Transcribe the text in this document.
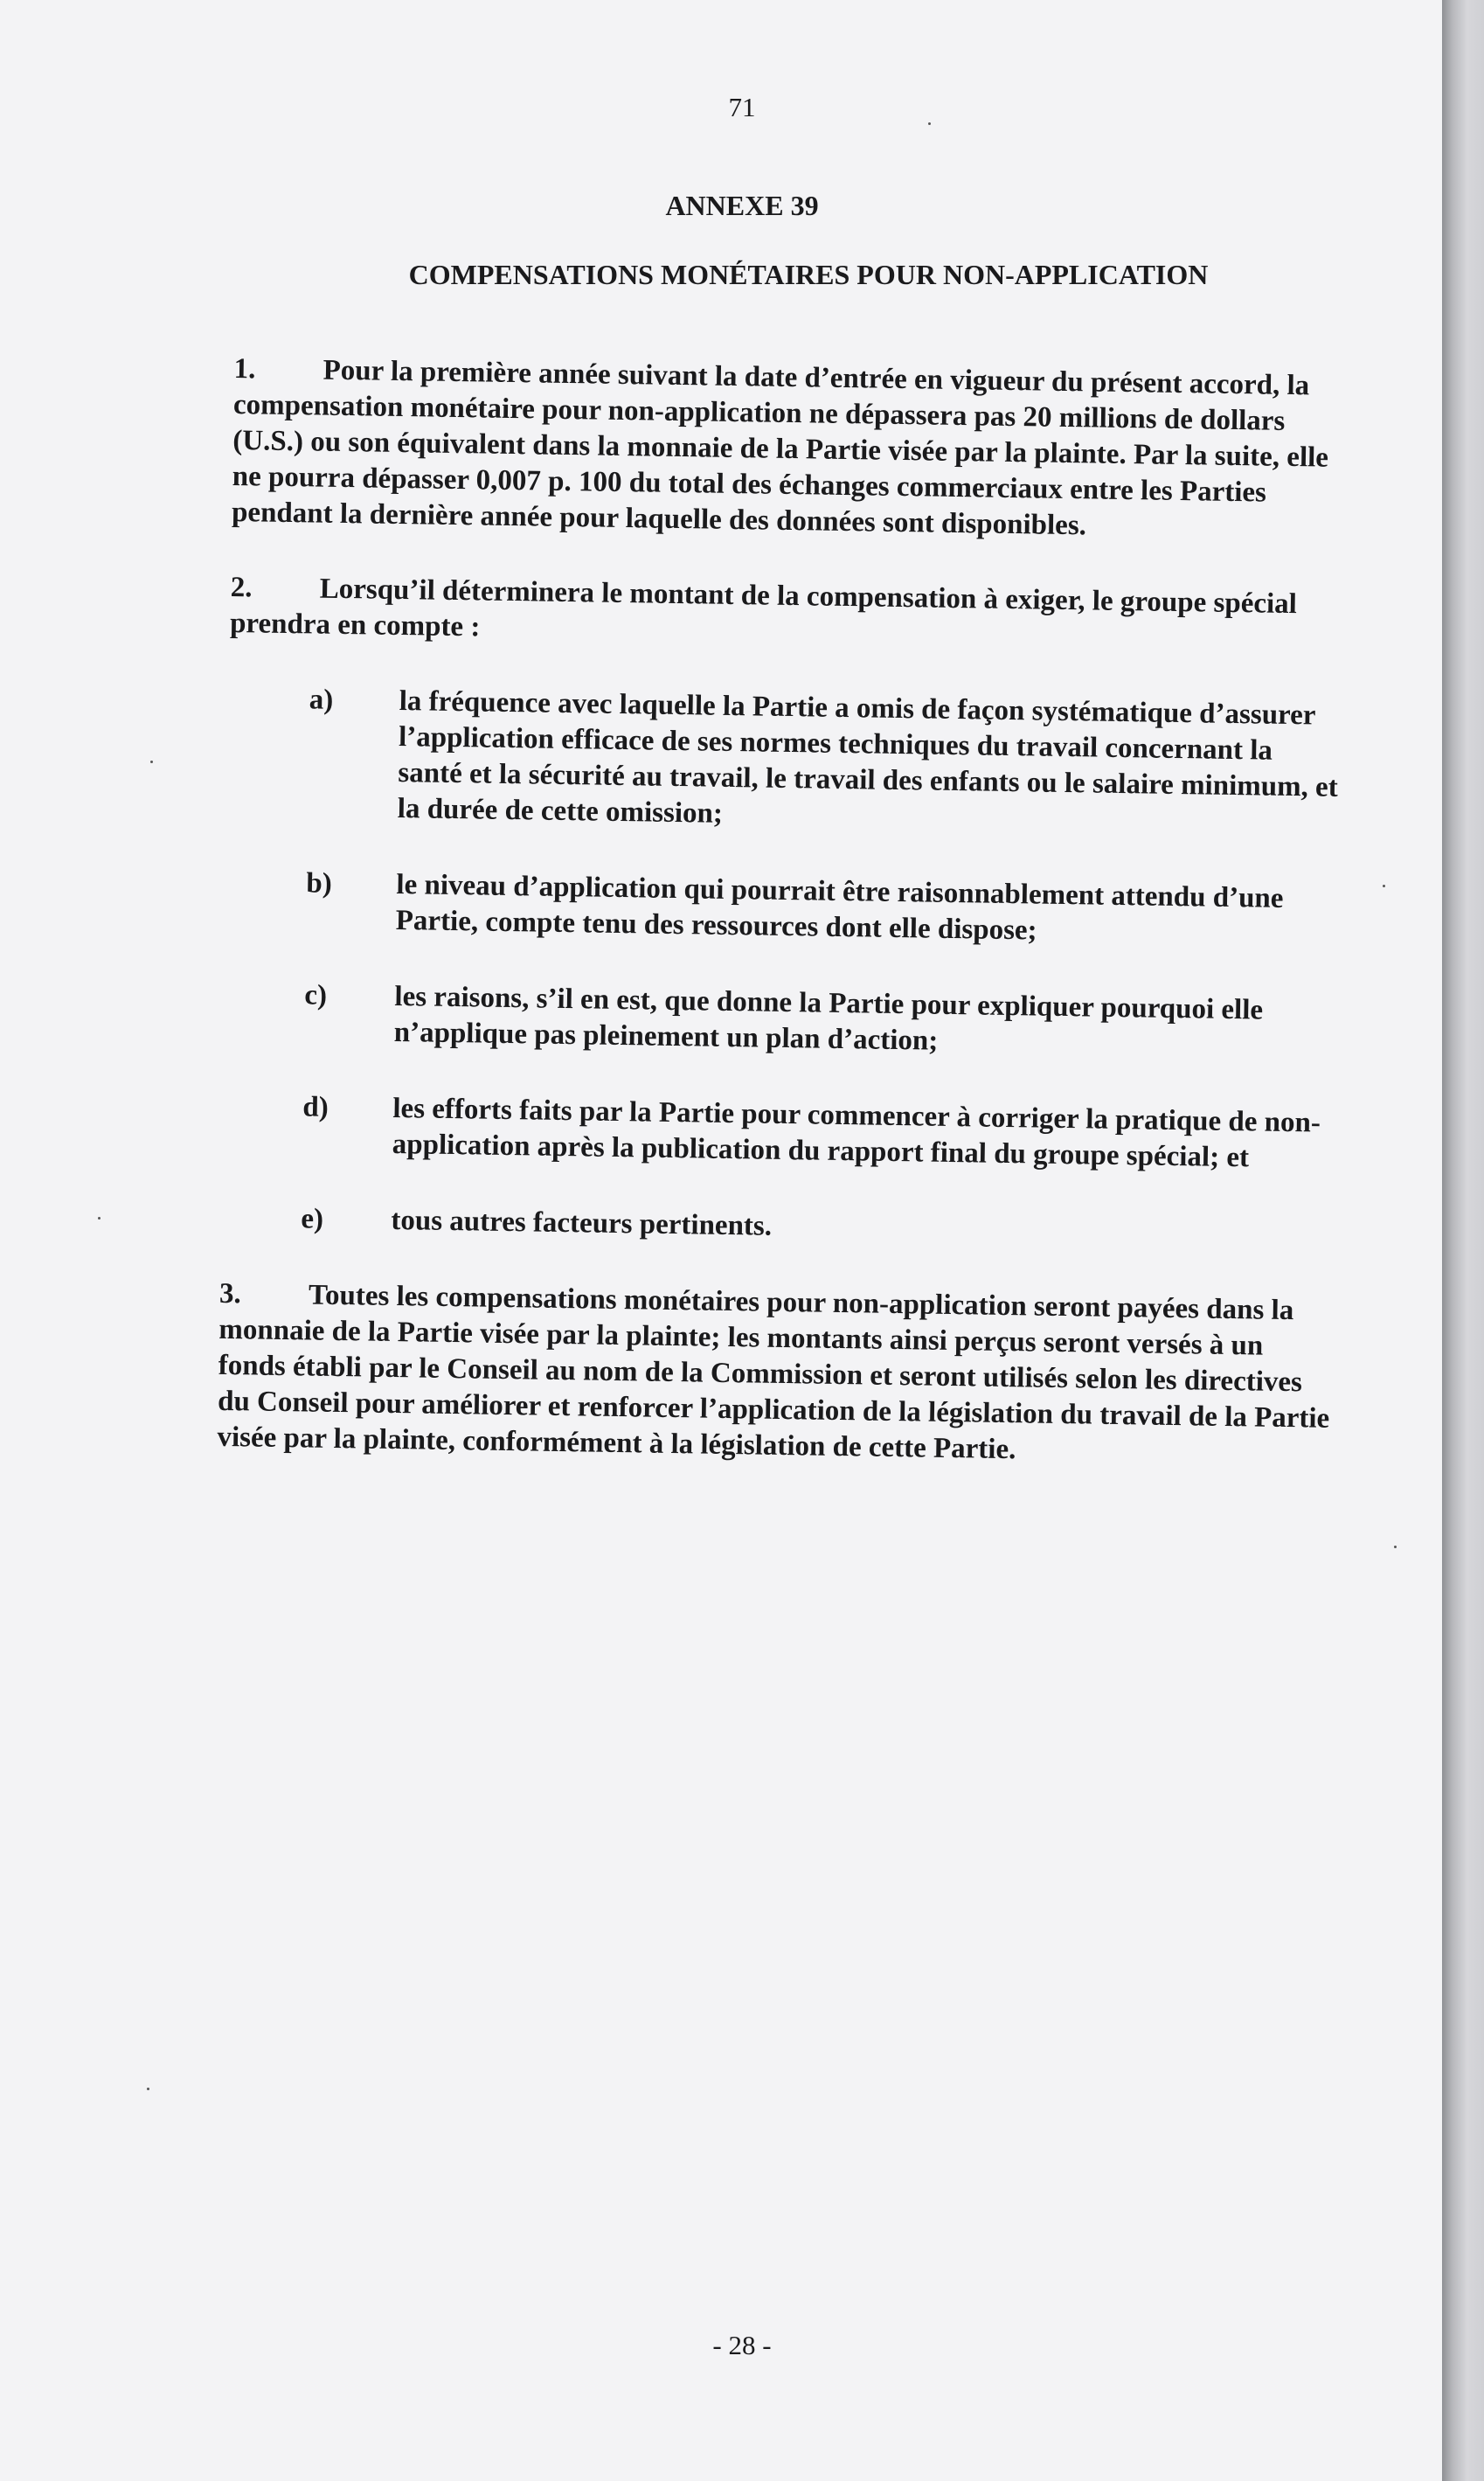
71
ANNEXE 39
COMPENSATIONS MONÉTAIRES POUR NON-APPLICATION

1. Pour la première année suivant la date d’entrée en vigueur du présent accord, la compensation monétaire pour non-application ne dépassera pas 20 millions de dollars (U.S.) ou son équivalent dans la monnaie de la Partie visée par la plainte. Par la suite, elle ne pourra dépasser 0,007 p. 100 du total des échanges commerciaux entre les Parties pendant la dernière année pour laquelle des données sont disponibles.

2. Lorsqu’il déterminera le montant de la compensation à exiger, le groupe spécial prendra en compte :

a)	la fréquence avec laquelle la Partie a omis de façon systématique d’assurer l’application efficace de ses normes techniques du travail concernant la santé et la sécurité au travail, le travail des enfants ou le salaire minimum, et la durée de cette omission;
b)	le niveau d’application qui pourrait être raisonnablement attendu d’une Partie, compte tenu des ressources dont elle dispose;
c)	les raisons, s’il en est, que donne la Partie pour expliquer pourquoi elle n’applique pas pleinement un plan d’action;
d)	les efforts faits par la Partie pour commencer à corriger la pratique de non-application après la publication du rapport final du groupe spécial; et
e)	tous autres facteurs pertinents.

3. Toutes les compensations monétaires pour non-application seront payées dans la monnaie de la Partie visée par la plainte; les montants ainsi perçus seront versés à un fonds établi par le Conseil au nom de la Commission et seront utilisés selon les directives du Conseil pour améliorer et renforcer l’application de la législation du travail de la Partie visée par la plainte, conformément à la législation de cette Partie.

- 28 -
